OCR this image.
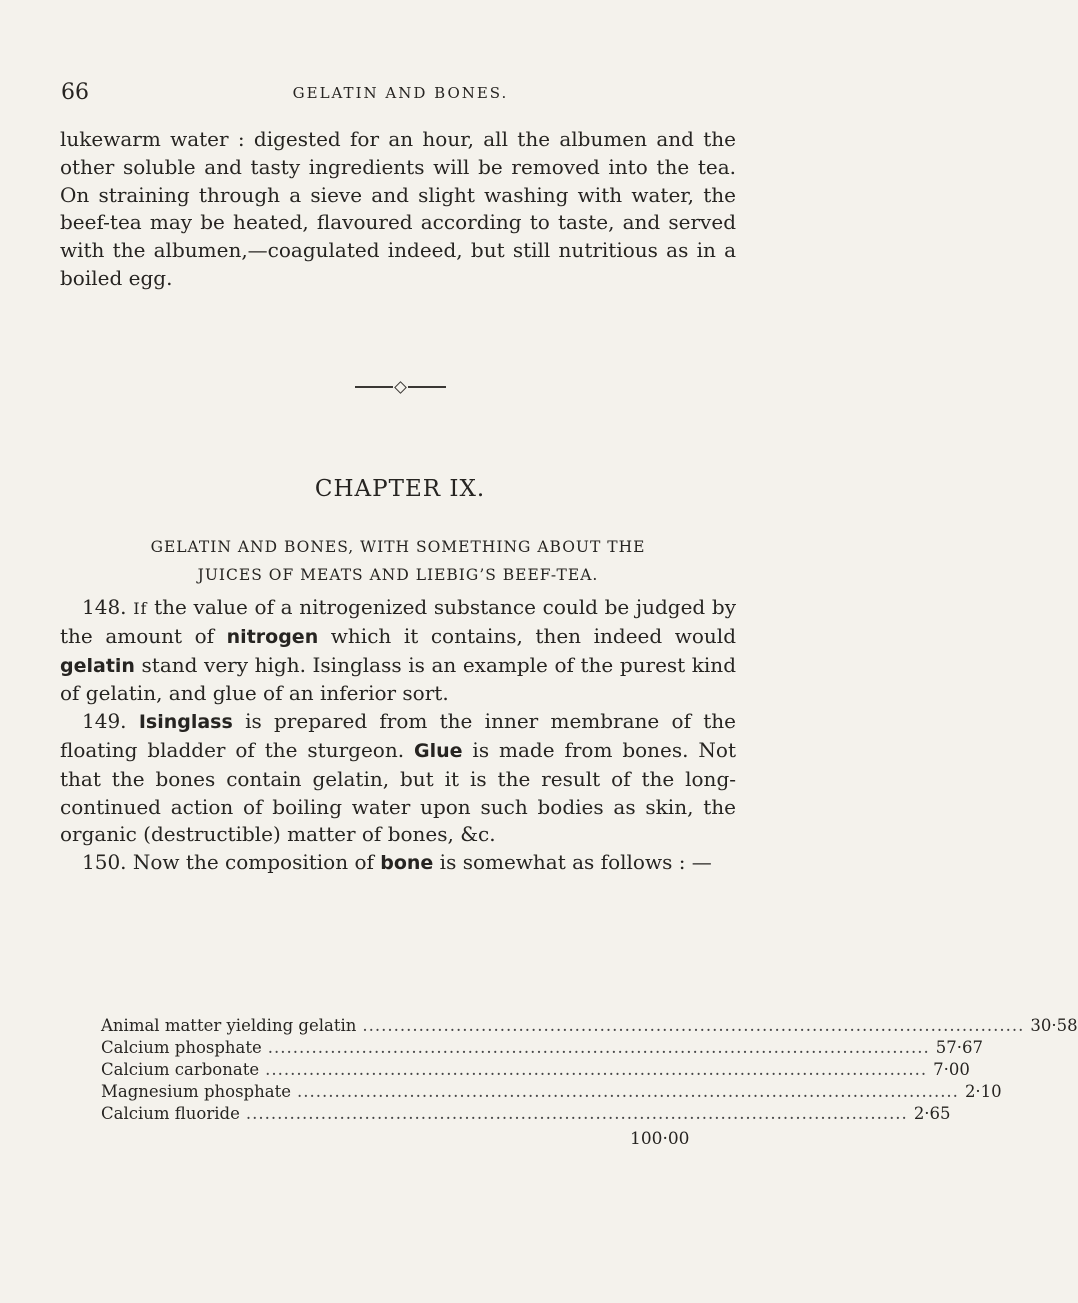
66	GELATIN AND BONES.

lukewarm water : digested for an hour, all the albumen and the other soluble and tasty ingredients will be removed into the tea. On straining through a sieve and slight washing with water, the beef-tea may be heated, flavoured according to taste, and served with the albumen,—coagulated indeed, but still nutritious as in a boiled egg.

CHAPTER IX.
GELATIN AND BONES, WITH SOMETHING ABOUT THE
JUICES OF MEATS AND LIEBIG’S BEEF-TEA.

148. If the value of a nitrogenized substance could be judged by the amount of nitrogen which it contains, then indeed would gelatin stand very high. Isinglass is an example of the purest kind of gelatin, and glue of an inferior sort.

149. Isinglass is prepared from the inner membrane of the floating bladder of the sturgeon. Glue is made from bones. Not that the bones contain gelatin, but it is the result of the long-continued action of boiling water upon such bodies as skin, the organic (destructible) matter of bones, &c.

150. Now the composition of bone is somewhat as follows : —

Animal matter yielding gelatin .......................................................................................................... 30·58
Calcium phosphate .......................................................................................................... 57·67
Calcium carbonate .......................................................................................................... 7·00
Magnesium phosphate .......................................................................................................... 2·10
Calcium fluoride .......................................................................................................... 2·65
100·00
